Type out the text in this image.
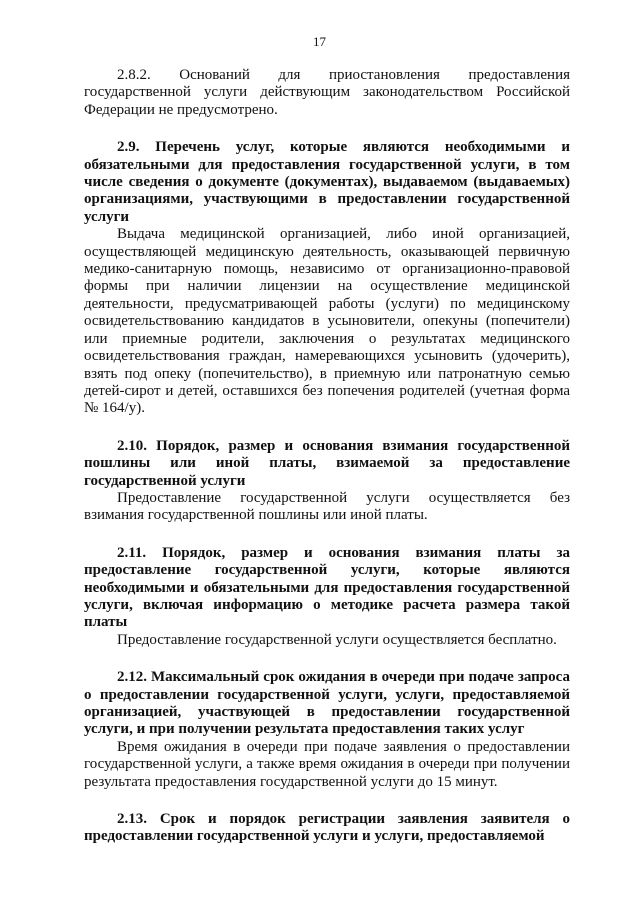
17

2.8.2. Оснований для приостановления предоставления государственной услуги действующим законодательством Российской Федерации не предусмотрено.

2.9. Перечень услуг, которые являются необходимыми и обязательными для предоставления государственной услуги, в том числе сведения о документе (документах), выдаваемом (выдаваемых) организациями, участвующими в предоставлении государственной услуги

Выдача медицинской организацией, либо иной организацией, осуществляющей медицинскую деятельность, оказывающей первичную медико-санитарную помощь, независимо от организационно-правовой формы при наличии лицензии на осуществление медицинской деятельности, предусматривающей работы (услуги) по медицинскому освидетельствованию кандидатов в усыновители, опекуны (попечители) или приемные родители, заключения о результатах медицинского освидетельствования граждан, намеревающихся усыновить (удочерить), взять под опеку (попечительство), в приемную или патронатную семью детей-сирот и детей, оставшихся без попечения родителей (учетная форма № 164/у).

2.10. Порядок, размер и основания взимания государственной пошлины или иной платы, взимаемой за предоставление государственной услуги

Предоставление государственной услуги осуществляется без взимания государственной пошлины или иной платы.

2.11. Порядок, размер и основания взимания платы за предоставление государственной услуги, которые являются необходимыми и обязательными для предоставления государственной услуги, включая информацию о методике расчета размера такой платы

Предоставление государственной услуги осуществляется бесплатно.

2.12. Максимальный срок ожидания в очереди при подаче запроса о предоставлении государственной услуги, услуги, предоставляемой организацией, участвующей в предоставлении государственной услуги, и при получении результата предоставления таких услуг

Время ожидания в очереди при подаче заявления о предоставлении государственной услуги, а также время ожидания в очереди при получении результата предоставления государственной услуги до 15 минут.

2.13. Срок и порядок регистрации заявления заявителя о предоставлении государственной услуги и услуги, предоставляемой
